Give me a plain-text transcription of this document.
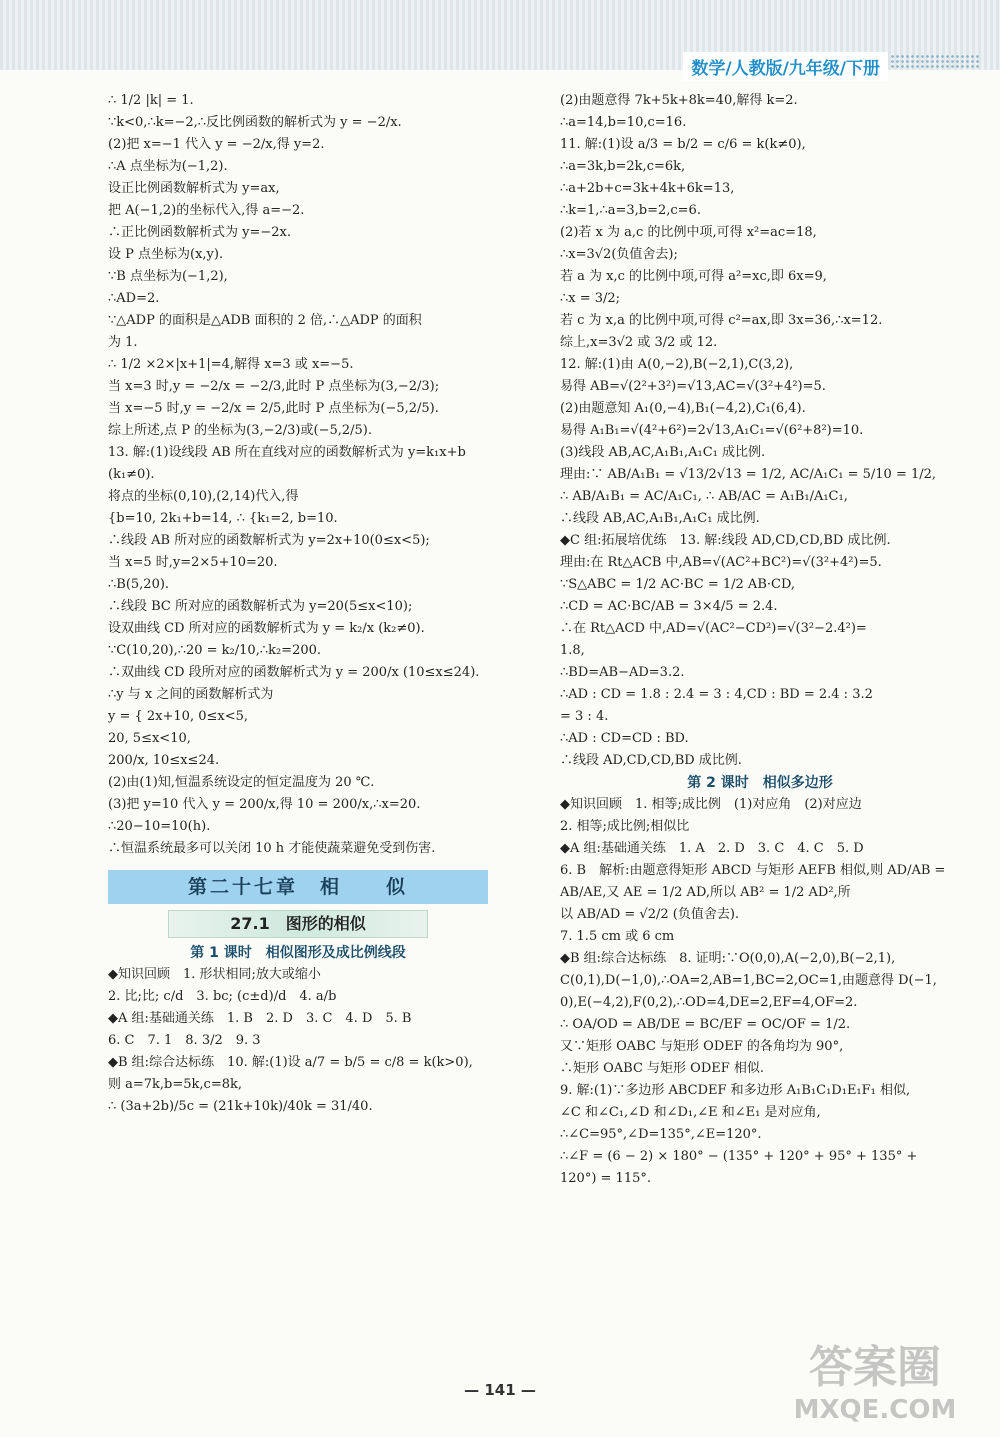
数学/人教版/九年级/下册
∴ 1/2 |k| = 1.
∵k<0,∴k=−2,∴反比例函数的解析式为 y = −2/x.
(2)把 x=−1 代入 y = −2/x,得 y=2.
∴A 点坐标为(−1,2).
设正比例函数解析式为 y=ax,
把 A(−1,2)的坐标代入,得 a=−2.
∴正比例函数解析式为 y=−2x.
设 P 点坐标为(x,y).
∵B 点坐标为(−1,2),
∴AD=2.
∵△ADP 的面积是△ADB 面积的 2 倍,∴△ADP 的面积
为 1.
∴ 1/2 ×2×|x+1|=4,解得 x=3 或 x=−5.
当 x=3 时,y = −2/x = −2/3,此时 P 点坐标为(3,−2/3);
当 x=−5 时,y = −2/x = 2/5,此时 P 点坐标为(−5,2/5).
综上所述,点 P 的坐标为(3,−2/3)或(−5,2/5).
13. 解:(1)设线段 AB 所在直线对应的函数解析式为 y=k₁x+b
(k₁≠0).
将点的坐标(0,10),(2,14)代入,得
{b=10, 2k₁+b=14, ∴ {k₁=2, b=10.
∴线段 AB 所对应的函数解析式为 y=2x+10(0≤x<5);
当 x=5 时,y=2×5+10=20.
∴B(5,20).
∴线段 BC 所对应的函数解析式为 y=20(5≤x<10);
设双曲线 CD 所对应的函数解析式为 y = k₂/x (k₂≠0).
∵C(10,20),∴20 = k₂/10,∴k₂=200.
∴双曲线 CD 段所对应的函数解析式为 y = 200/x (10≤x≤24).
∴y 与 x 之间的函数解析式为
y = { 2x+10, 0≤x<5,
20, 5≤x<10,
200/x, 10≤x≤24.
(2)由(1)知,恒温系统设定的恒定温度为 20 ℃.
(3)把 y=10 代入 y = 200/x,得 10 = 200/x,∴x=20.
∴20−10=10(h).
∴恒温系统最多可以关闭 10 h 才能使蔬菜避免受到伤害.
第二十七章　相　　似
27.1　图形的相似
第 1 课时　相似图形及成比例线段
◆知识回顾　1. 形状相同;放大或缩小
2. 比;比; c/d　3. bc; (c±d)/d　4. a/b
◆A 组:基础通关练　1. B　2. D　3. C　4. D　5. B
6. C　7. 1　8. 3/2　9. 3
◆B 组:综合达标练　10. 解:(1)设 a/7 = b/5 = c/8 = k(k>0),
则 a=7k,b=5k,c=8k,
∴ (3a+2b)/5c = (21k+10k)/40k = 31/40.
(2)由题意得 7k+5k+8k=40,解得 k=2.
∴a=14,b=10,c=16.
11. 解:(1)设 a/3 = b/2 = c/6 = k(k≠0),
∴a=3k,b=2k,c=6k,
∴a+2b+c=3k+4k+6k=13,
∴k=1,∴a=3,b=2,c=6.
(2)若 x 为 a,c 的比例中项,可得 x²=ac=18,
∴x=3√2(负值舍去);
若 a 为 x,c 的比例中项,可得 a²=xc,即 6x=9,
∴x = 3/2;
若 c 为 x,a 的比例中项,可得 c²=ax,即 3x=36,∴x=12.
综上,x=3√2 或 3/2 或 12.
12. 解:(1)由 A(0,−2),B(−2,1),C(3,2),
易得 AB=√(2²+3²)=√13,AC=√(3²+4²)=5.
(2)由题意知 A₁(0,−4),B₁(−4,2),C₁(6,4).
易得 A₁B₁=√(4²+6²)=2√13,A₁C₁=√(6²+8²)=10.
(3)线段 AB,AC,A₁B₁,A₁C₁ 成比例.
理由:∵ AB/A₁B₁ = √13/2√13 = 1/2, AC/A₁C₁ = 5/10 = 1/2,
∴ AB/A₁B₁ = AC/A₁C₁, ∴ AB/AC = A₁B₁/A₁C₁,
∴线段 AB,AC,A₁B₁,A₁C₁ 成比例.
◆C 组:拓展培优练　13. 解:线段 AD,CD,CD,BD 成比例.
理由:在 Rt△ACB 中,AB=√(AC²+BC²)=√(3²+4²)=5.
∵S△ABC = 1/2 AC·BC = 1/2 AB·CD,
∴CD = AC·BC/AB = 3×4/5 = 2.4.
∴在 Rt△ACD 中,AD=√(AC²−CD²)=√(3²−2.4²)=
1.8,
∴BD=AB−AD=3.2.
∴AD : CD = 1.8 : 2.4 = 3 : 4,CD : BD = 2.4 : 3.2
= 3 : 4.
∴AD : CD=CD : BD.
∴线段 AD,CD,CD,BD 成比例.
第 2 课时　相似多边形
◆知识回顾　1. 相等;成比例　(1)对应角　(2)对应边
2. 相等;成比例;相似比
◆A 组:基础通关练　1. A　2. D　3. C　4. C　5. D
6. B　解析:由题意得矩形 ABCD 与矩形 AEFB 相似,则 AD/AB =
AB/AE,又 AE = 1/2 AD,所以 AB² = 1/2 AD²,所
以 AB/AD = √2/2 (负值舍去).
7. 1.5 cm 或 6 cm
◆B 组:综合达标练　8. 证明:∵O(0,0),A(−2,0),B(−2,1),
C(0,1),D(−1,0),∴OA=2,AB=1,BC=2,OC=1,由题意得 D(−1,
0),E(−4,2),F(0,2),∴OD=4,DE=2,EF=4,OF=2.
∴ OA/OD = AB/DE = BC/EF = OC/OF = 1/2.
又∵矩形 OABC 与矩形 ODEF 的各角均为 90°,
∴矩形 OABC 与矩形 ODEF 相似.
9. 解:(1)∵多边形 ABCDEF 和多边形 A₁B₁C₁D₁E₁F₁ 相似,
∠C 和∠C₁,∠D 和∠D₁,∠E 和∠E₁ 是对应角,
∴∠C=95°,∠D=135°,∠E=120°.
∴∠F = (6 − 2) × 180° − (135° + 120° + 95° + 135° +
120°) = 115°.
— 141 —	答案圈
MXQE.COM
